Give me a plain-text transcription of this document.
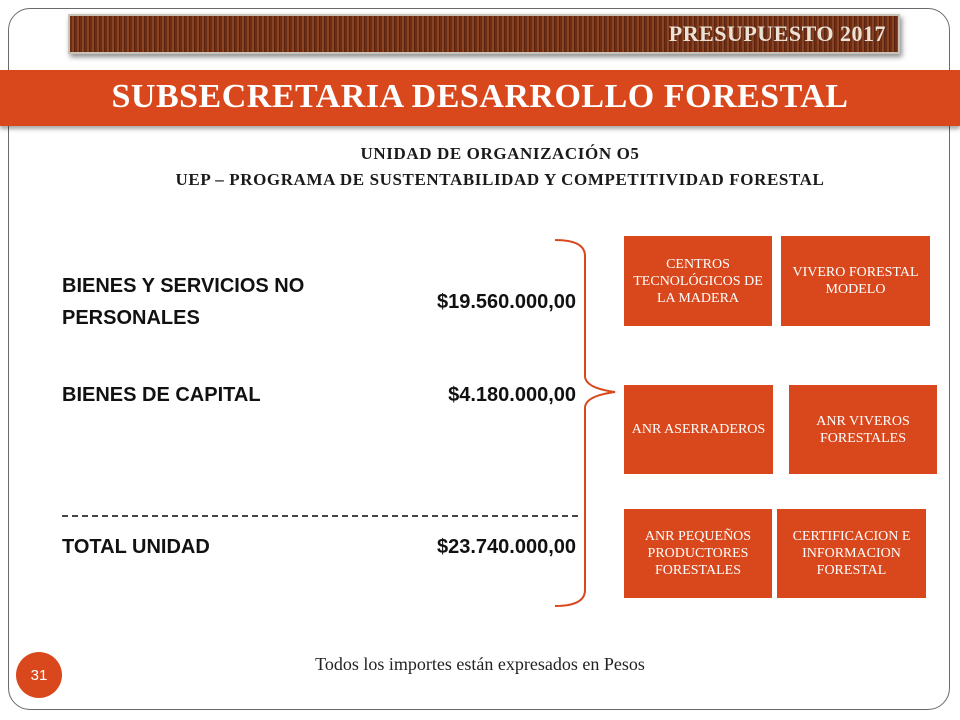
PRESUPUESTO 2017
SUBSECRETARIA DESARROLLO FORESTAL
UNIDAD DE ORGANIZACIÓN O5
UEP – PROGRAMA DE SUSTENTABILIDAD Y COMPETITIVIDAD FORESTAL
BIENES Y SERVICIOS NO PERSONALES
$19.560.000,00
BIENES DE CAPITAL	$4.180.000,00
TOTAL UNIDAD	$23.740.000,00
CENTROS TECNOLÓGICOS DE LA MADERA
VIVERO FORESTAL MODELO
ANR ASERRADEROS
ANR VIVEROS FORESTALES
ANR PEQUEÑOS PRODUCTORES FORESTALES
CERTIFICACION E INFORMACION FORESTAL
Todos los importes están expresados en Pesos
31
